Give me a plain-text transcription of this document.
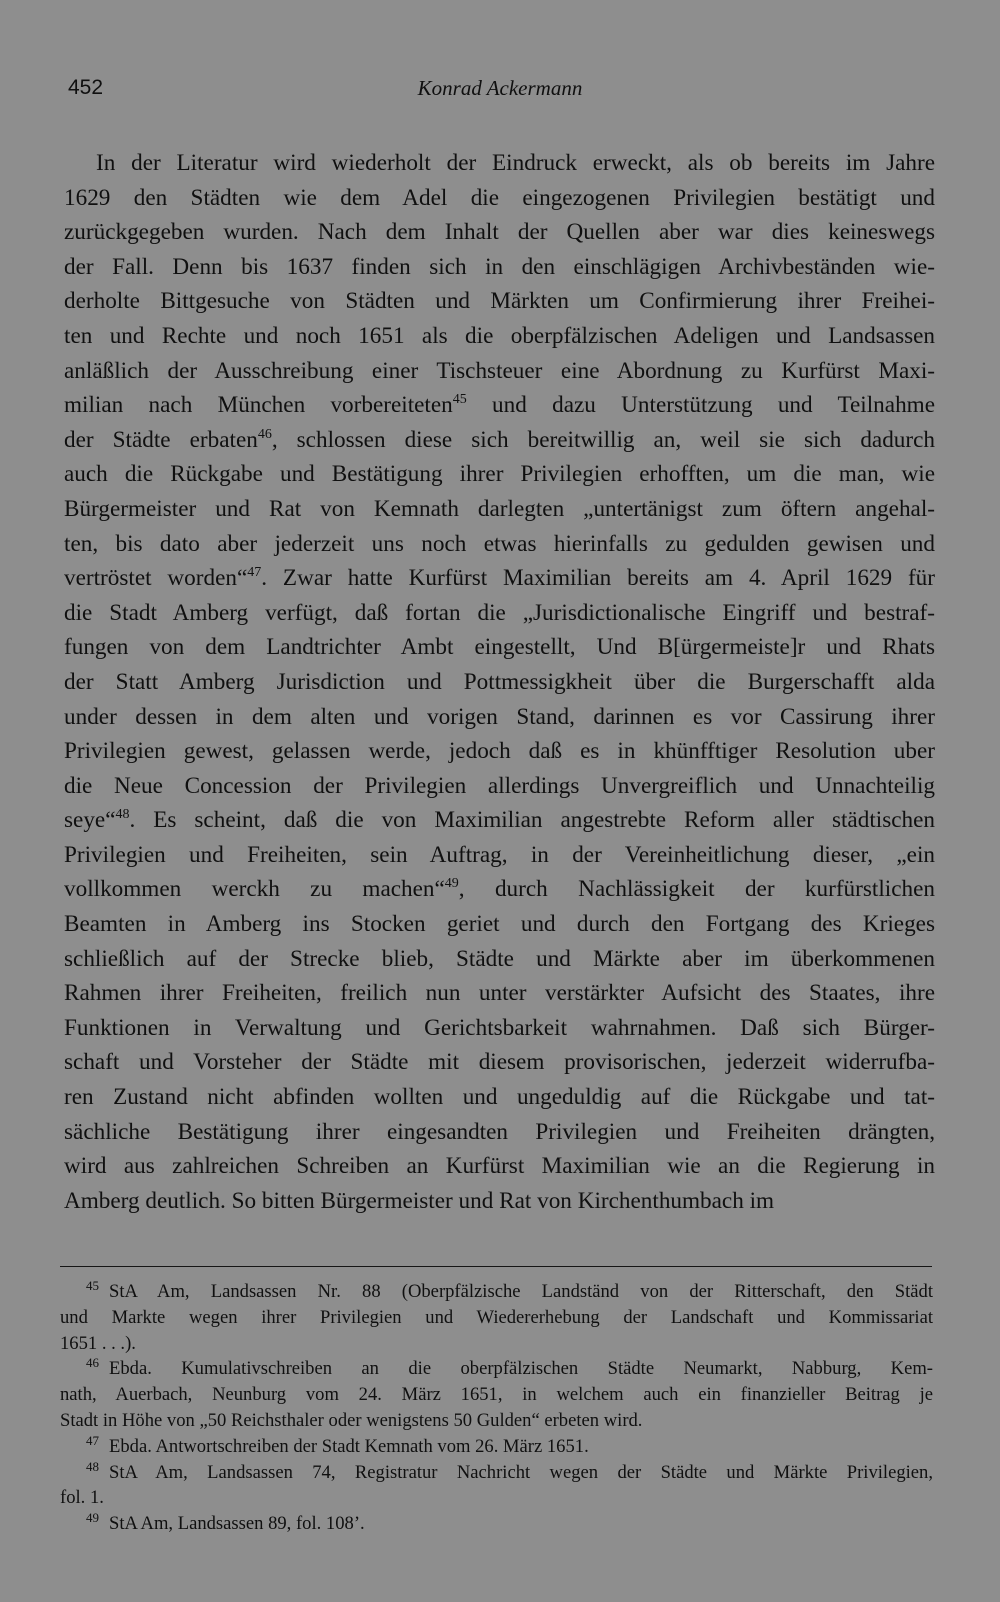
452	Konrad Ackermann
In der Literatur wird wiederholt der Eindruck erweckt, als ob bereits im Jahre
1629 den Städten wie dem Adel die eingezogenen Privilegien bestätigt und
zurückgegeben wurden. Nach dem Inhalt der Quellen aber war dies keineswegs
der Fall. Denn bis 1637 finden sich in den einschlägigen Archivbeständen wie-
derholte Bittgesuche von Städten und Märkten um Confirmierung ihrer Freihei-
ten und Rechte und noch 1651 als die oberpfälzischen Adeligen und Landsassen
anläßlich der Ausschreibung einer Tischsteuer eine Abordnung zu Kurfürst Maxi-
milian nach München vorbereiteten$^{45}$ und dazu Unterstützung und Teilnahme
der Städte erbaten$^{46}$, schlossen diese sich bereitwillig an, weil sie sich dadurch
auch die Rückgabe und Bestätigung ihrer Privilegien erhofften, um die man, wie
Bürgermeister und Rat von Kemnath darlegten „untertänigst zum öftern angehal-
ten, bis dato aber jederzeit uns noch etwas hierinfalls zu gedulden gewisen und
vertröstet worden“$^{47}$. Zwar hatte Kurfürst Maximilian bereits am 4. April 1629 für
die Stadt Amberg verfügt, daß fortan die „Jurisdictionalische Eingriff und bestraf-
fungen von dem Landtrichter Ambt eingestellt, Und B[ürgermeiste]r und Rhats
der Statt Amberg Jurisdiction und Pottmessigkheit über die Burgerschafft alda
under dessen in dem alten und vorigen Stand, darinnen es vor Cassirung ihrer
Privilegien gewest, gelassen werde, jedoch daß es in khünfftiger Resolution uber
die Neue Concession der Privilegien allerdings Unvergreiflich und Unnachteilig
seye“$^{48}$. Es scheint, daß die von Maximilian angestrebte Reform aller städtischen
Privilegien und Freiheiten, sein Auftrag, in der Vereinheitlichung dieser, „ein
vollkommen werckh zu machen“$^{49}$, durch Nachlässigkeit der kurfürstlichen
Beamten in Amberg ins Stocken geriet und durch den Fortgang des Krieges
schließlich auf der Strecke blieb, Städte und Märkte aber im überkommenen
Rahmen ihrer Freiheiten, freilich nun unter verstärkter Aufsicht des Staates, ihre
Funktionen in Verwaltung und Gerichtsbarkeit wahrnahmen. Daß sich Bürger-
schaft und Vorsteher der Städte mit diesem provisorischen, jederzeit widerrufba-
ren Zustand nicht abfinden wollten und ungeduldig auf die Rückgabe und tat-
sächliche Bestätigung ihrer eingesandten Privilegien und Freiheiten drängten,
wird aus zahlreichen Schreiben an Kurfürst Maximilian wie an die Regierung in
Amberg deutlich. So bitten Bürgermeister und Rat von Kirchenthumbach im
$^{45}$ StA Am, Landsassen Nr. 88 (Oberpfälzische Landständ von der Ritterschaft, den Städt
und Markte wegen ihrer Privilegien und Wiedererhebung der Landschaft und Kommissariat
1651 . . .).
$^{46}$ Ebda. Kumulativschreiben an die oberpfälzischen Städte Neumarkt, Nabburg, Kem-
nath, Auerbach, Neunburg vom 24. März 1651, in welchem auch ein finanzieller Beitrag je
Stadt in Höhe von „50 Reichsthaler oder wenigstens 50 Gulden“ erbeten wird.
$^{47}$ Ebda. Antwortschreiben der Stadt Kemnath vom 26. März 1651.
$^{48}$ StA Am, Landsassen 74, Registratur Nachricht wegen der Städte und Märkte Privilegien,
fol. 1.
$^{49}$ StA Am, Landsassen 89, fol. 108’.
